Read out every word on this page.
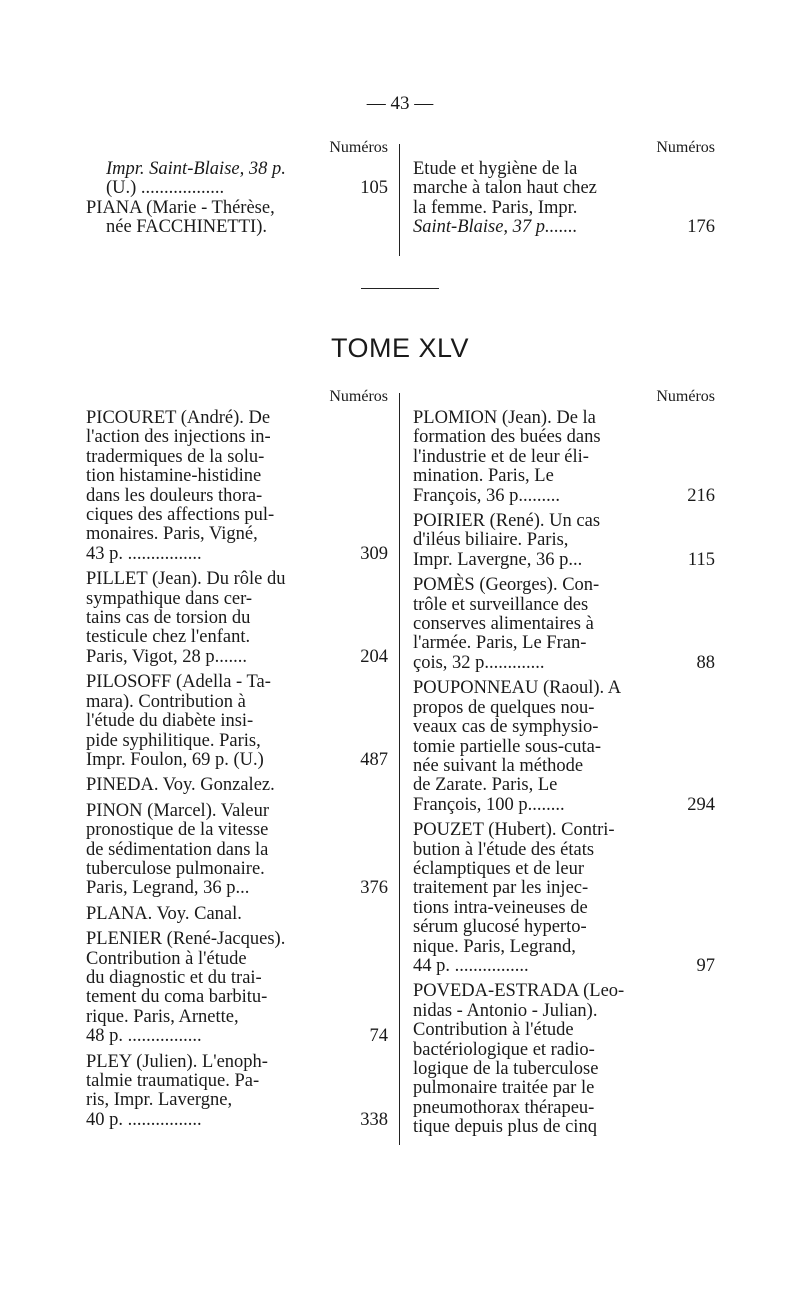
— 43 —
Numéros
Impr. Saint-Blaise, 38 p.
(U.) ..................	105
PIANA (Marie - Thérèse,
née FACCHINETTI).
Numéros
Etude et hygiène de la
marche à talon haut chez
la femme. Paris, Impr.
Saint-Blaise, 37 p.......	176
TOME XLV
Numéros
PICOURET (André). De
l'action des injections in-
tradermiques de la solu-
tion histamine-histidine
dans les douleurs thora-
ciques des affections pul-
monaires. Paris, Vigné,
43 p. ................	309
PILLET (Jean). Du rôle du
sympathique dans cer-
tains cas de torsion du
testicule chez l'enfant.
Paris, Vigot, 28 p.......	204
PILOSOFF (Adella - Ta-
mara). Contribution à
l'étude du diabète insi-
pide syphilitique. Paris,
Impr. Foulon, 69 p. (U.)	487
PINEDA. Voy. Gonzalez.
PINON (Marcel). Valeur
pronostique de la vitesse
de sédimentation dans la
tuberculose pulmonaire.
Paris, Legrand, 36 p...	376
PLANA. Voy. Canal.
PLENIER (René-Jacques).
Contribution à l'étude
du diagnostic et du trai-
tement du coma barbitu-
rique. Paris, Arnette,
48 p. ................	74
PLEY (Julien). L'enoph-
talmie traumatique. Pa-
ris, Impr. Lavergne,
40 p. ................	338
Numéros
PLOMION (Jean). De la
formation des buées dans
l'industrie et de leur éli-
mination. Paris, Le
François, 36 p.........	216
POIRIER (René). Un cas
d'iléus biliaire. Paris,
Impr. Lavergne, 36 p...	115
POMÈS (Georges). Con-
trôle et surveillance des
conserves alimentaires à
l'armée. Paris, Le Fran-
çois, 32 p.............	88
POUPONNEAU (Raoul). A
propos de quelques nou-
veaux cas de symphysio-
tomie partielle sous-cuta-
née suivant la méthode
de Zarate. Paris, Le
François, 100 p........	294
POUZET (Hubert). Contri-
bution à l'étude des états
éclamptiques et de leur
traitement par les injec-
tions intra-veineuses de
sérum glucosé hyperto-
nique. Paris, Legrand,
44 p. ................	97
POVEDA-ESTRADA (Leo-
nidas - Antonio - Julian).
Contribution à l'étude
bactériologique et radio-
logique de la tuberculose
pulmonaire traitée par le
pneumothorax thérapeu-
tique depuis plus de cinq
